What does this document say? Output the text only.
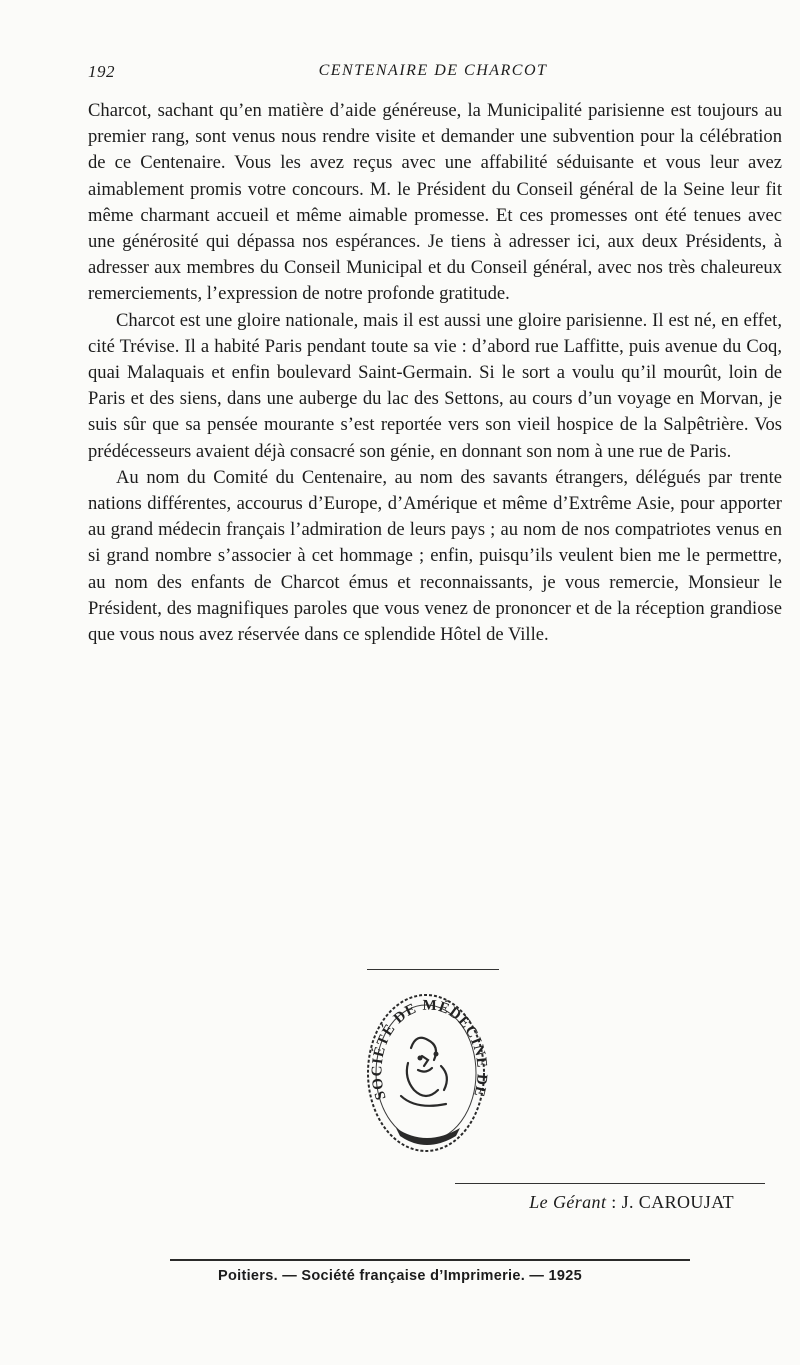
192	CENTENAIRE DE CHARCOT

Charcot, sachant qu’en matière d’aide généreuse, la Municipalité parisienne est toujours au premier rang, sont venus nous rendre visite et demander une subvention pour la célébration de ce Centenaire. Vous les avez reçus avec une affabilité séduisante et vous leur avez aimablement promis votre concours. M. le Président du Conseil général de la Seine leur fit même charmant accueil et même aimable promesse. Et ces promesses ont été tenues avec une générosité qui dépassa nos espérances. Je tiens à adresser ici, aux deux Présidents, à adresser aux membres du Conseil Municipal et du Conseil général, avec nos très chaleureux remerciements, l’expression de notre profonde gratitude.

Charcot est une gloire nationale, mais il est aussi une gloire parisienne. Il est né, en effet, cité Trévise. Il a habité Paris pendant toute sa vie : d’abord rue Laffitte, puis avenue du Coq, quai Malaquais et enfin boulevard Saint-Germain. Si le sort a voulu qu’il mourût, loin de Paris et des siens, dans une auberge du lac des Settons, au cours d’un voyage en Morvan, je suis sûr que sa pensée mourante s’est reportée vers son vieil hospice de la Salpêtrière. Vos prédécesseurs avaient déjà consacré son génie, en donnant son nom à une rue de Paris.

Au nom du Comité du Centenaire, au nom des savants étrangers, délégués par trente nations différentes, accourus d’Europe, d’Amérique et même d’Extrême Asie, pour apporter au grand médecin français l’admiration de leurs pays ; au nom de nos compatriotes venus en si grand nombre s’associer à cet hommage ; enfin, puisqu’ils veulent bien me le permettre, au nom des enfants de Charcot émus et reconnaissants, je vous remercie, Monsieur le Président, des magnifiques paroles que vous venez de prononcer et de la réception grandiose que vous nous avez réservée dans ce splendide Hôtel de Ville.

SOCIÉTÉ DE MÉDECINE DE
Le Gérant : J. CAROUJAT
Poitiers. — Société française d’Imprimerie. — 1925
